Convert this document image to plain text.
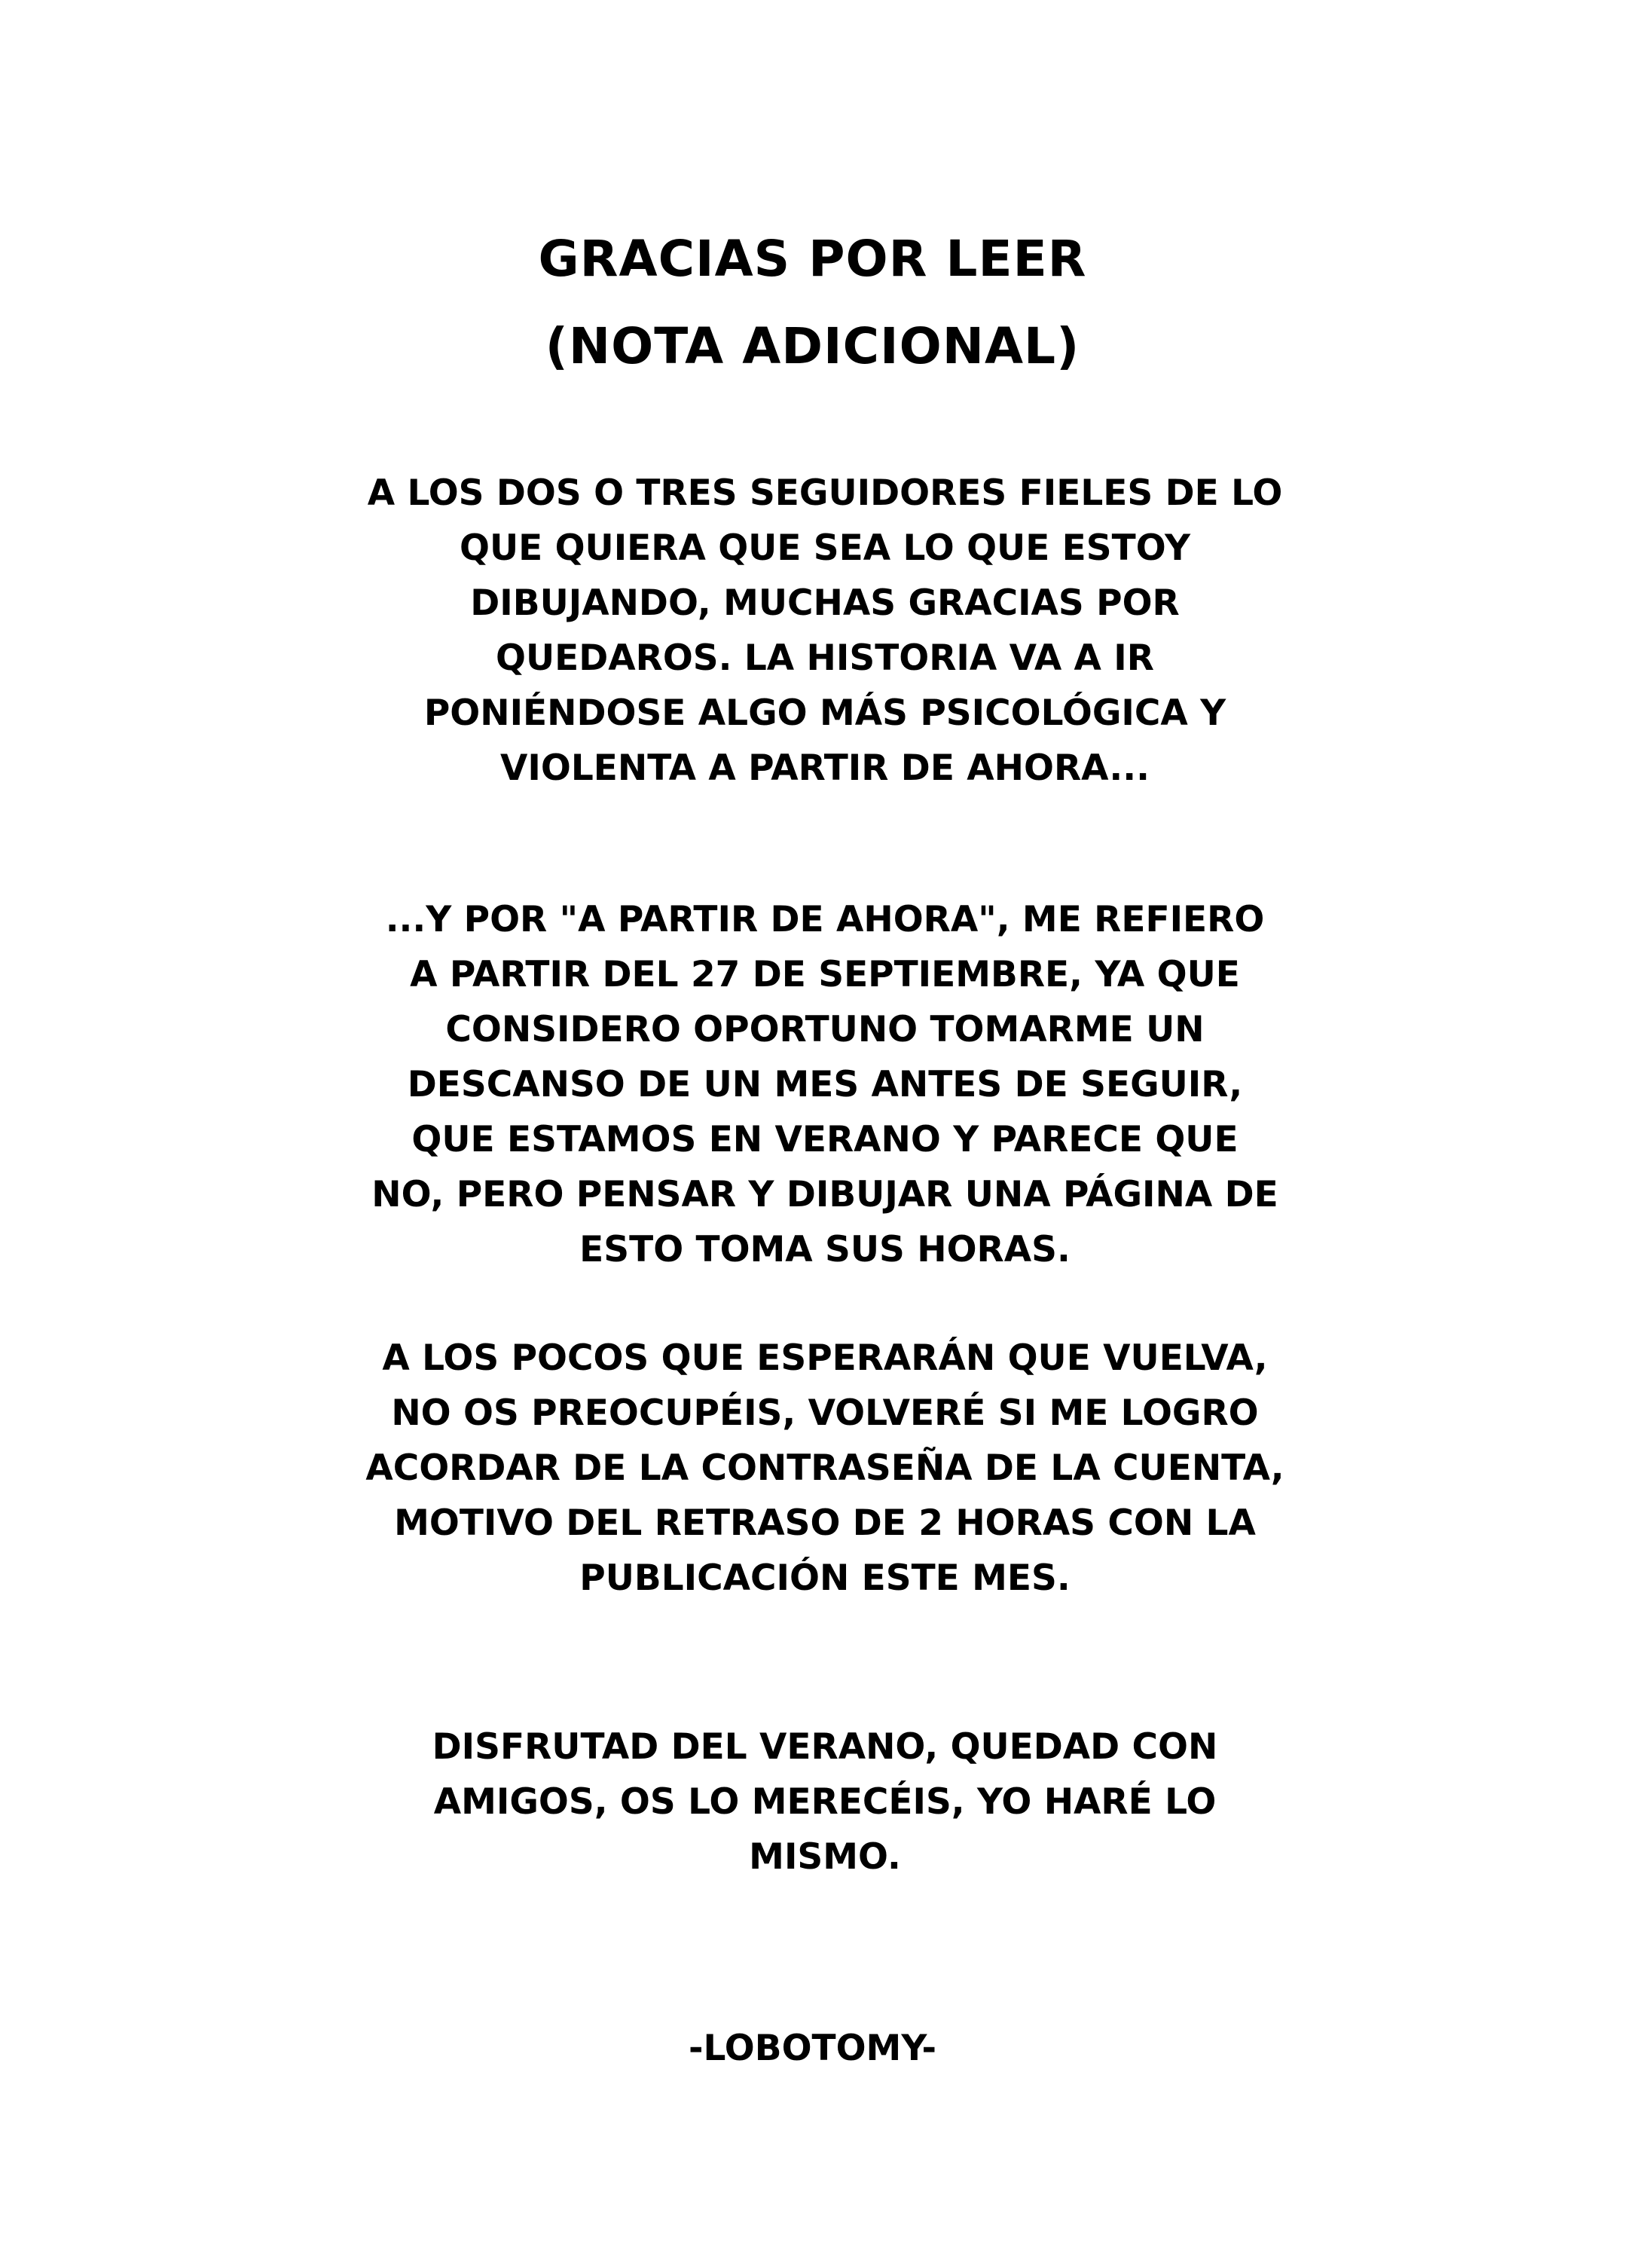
GRACIAS POR LEER
(NOTA ADICIONAL)

A LOS DOS O TRES SEGUIDORES FIELES DE LO
QUE QUIERA QUE SEA LO QUE ESTOY
DIBUJANDO, MUCHAS GRACIAS POR
QUEDAROS. LA HISTORIA VA A IR
PONIÉNDOSE ALGO MÁS PSICOLÓGICA Y
VIOLENTA A PARTIR DE AHORA...

...Y POR "A PARTIR DE AHORA", ME REFIERO
A PARTIR DEL 27 DE SEPTIEMBRE, YA QUE
CONSIDERO OPORTUNO TOMARME UN
DESCANSO DE UN MES ANTES DE SEGUIR,
QUE ESTAMOS EN VERANO Y PARECE QUE
NO, PERO PENSAR Y DIBUJAR UNA PÁGINA DE
ESTO TOMA SUS HORAS.

A LOS POCOS QUE ESPERARÁN QUE VUELVA,
NO OS PREOCUPÉIS, VOLVERÉ SI ME LOGRO
ACORDAR DE LA CONTRASEÑA DE LA CUENTA,
MOTIVO DEL RETRASO DE 2 HORAS CON LA
PUBLICACIÓN ESTE MES.

DISFRUTAD DEL VERANO, QUEDAD CON
AMIGOS, OS LO MERECÉIS, YO HARÉ LO
MISMO.

-LOBOTOMY-
